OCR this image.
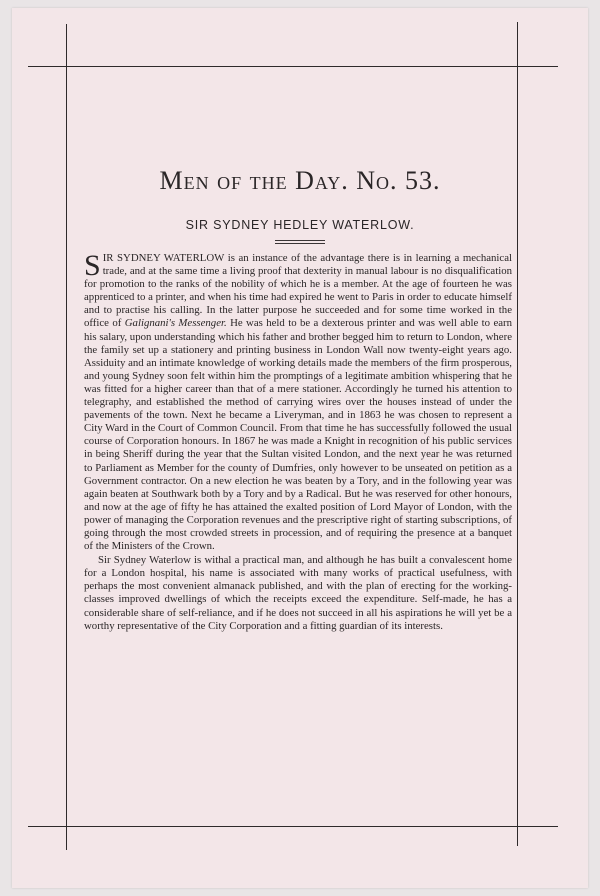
Men of the Day. No. 53.
SIR SYDNEY HEDLEY WATERLOW.

SIR SYDNEY WATERLOW is an instance of the advantage there is in learning a mechanical trade, and at the same time a living proof that dexterity in manual labour is no disqualification for promotion to the ranks of the nobility of which he is a member. At the age of fourteen he was apprenticed to a printer, and when his time had expired he went to Paris in order to educate himself and to practise his calling. In the latter purpose he succeeded and for some time worked in the office of Galignani's Messenger. He was held to be a dexterous printer and was well able to earn his salary, upon understanding which his father and brother begged him to return to London, where the family set up a stationery and printing business in London Wall now twenty-eight years ago. Assiduity and an intimate knowledge of working details made the members of the firm prosperous, and young Sydney soon felt within him the promptings of a legitimate ambition whispering that he was fitted for a higher career than that of a mere stationer. Accordingly he turned his attention to telegraphy, and established the method of carrying wires over the houses instead of under the pavements of the town. Next he became a Liveryman, and in 1863 he was chosen to represent a City Ward in the Court of Common Council. From that time he has successfully followed the usual course of Corporation honours. In 1867 he was made a Knight in recognition of his public services in being Sheriff during the year that the Sultan visited London, and the next year he was returned to Parliament as Member for the county of Dumfries, only however to be unseated on petition as a Government contractor. On a new election he was beaten by a Tory, and in the following year was again beaten at Southwark both by a Tory and by a Radical. But he was reserved for other honours, and now at the age of fifty he has attained the exalted position of Lord Mayor of London, with the power of managing the Corporation revenues and the prescriptive right of starting subscriptions, of going through the most crowded streets in procession, and of requiring the presence at a banquet of the Ministers of the Crown.

Sir Sydney Waterlow is withal a practical man, and although he has built a convalescent home for a London hospital, his name is associated with many works of practical usefulness, with perhaps the most convenient almanack published, and with the plan of erecting for the working-classes improved dwellings of which the receipts exceed the expenditure. Self-made, he has a considerable share of self-reliance, and if he does not succeed in all his aspirations he will yet be a worthy representative of the City Corporation and a fitting guardian of its interests.
